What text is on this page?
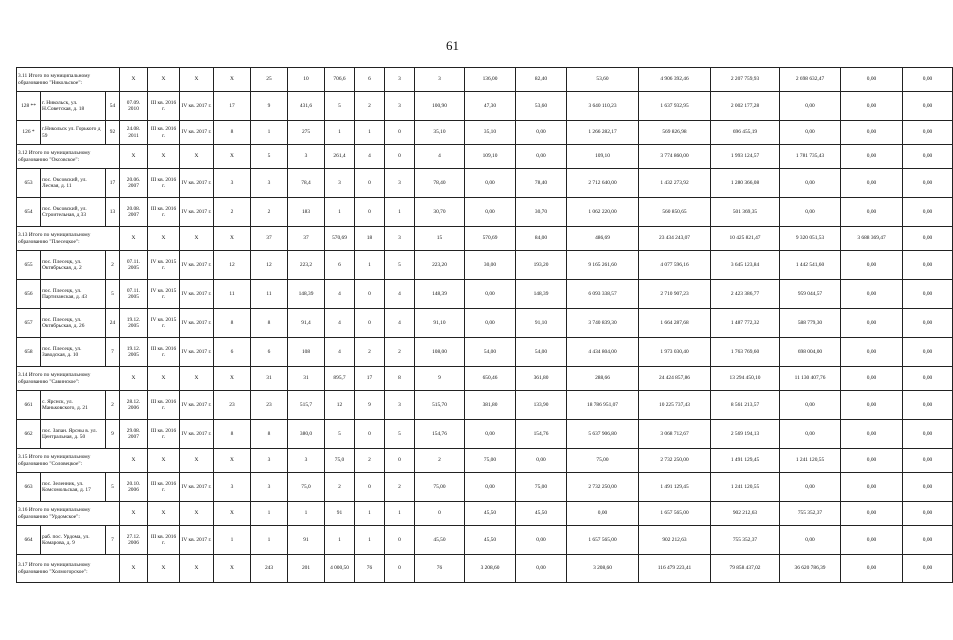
61
3.11 Итого по муниципальному образованию "Никольское":			X	X	X	X	25	10	706,6	6	3	3	136,00	82,40	53,60	4 906 392,46	2 207 759,93	2 698 632,47	0,00	0,00	
128 **	г. Никольск, ул. Н.Советская, д. 18	54	07.09. 2010	III кв. 2016 г.	IV кв. 2017 г.	17	9	431,6	5	2	3	100,90	47,30	53,60	3 640 110,23	1 637 932,95	2 002 177,28	0,00	0,00	0,00	
126 *	г.Никольск ул. Горького д 59	92	24.08. 2011	III кв. 2016 г.	IV кв. 2017 г.	8	1	275	1	1	0	35,10	35,10	0,00	1 266 282,17	569 826,98	696 455,19	0,00	0,00	0,00	
3.12 Итого по муниципальному образованию "Оксовское":			X	X	X	X	5	3	261,4	4	0	4	109,10	0,00	109,10	3 774 860,00	1 993 124,57	1 781 735,43	0,00	0,00	
653	пос. Оксовский, ул. Лесная, д. 11	17	20.06. 2007	III кв. 2016 г.	IV кв. 2017 г.	3	3	78,4	3	0	3	78,40	0,00	78,40	2 712 640,00	1 432 273,92	1 280 366,08	0,00	0,00	0,00	
654	пос. Оксовский, ул. Строительная, д 33	13	20.08. 2007	III кв. 2016 г.	IV кв. 2017 г.	2	2	183	1	0	1	30,70	0,00	30,70	1 062 220,00	560 850,65	501 369,35	0,00	0,00	0,00	
3.13 Итого по муниципальному образованию "Плесецкое":			X	X	X	X	37	37	570,69	18	3	15	570,69	84,00	486,69	23 434 243,07	10 425 821,47	9 320 051,53	3 688 369,47	0,00	
655	пос. Плесецк, ул. Октябрьская, д. 2	2	07.11. 2005	IV кв. 2015 г.	IV кв. 2017 г.	12	12	223,2	6	1	5	223,20	30,00	193,20	9 165 261,60	4 077 596,16	3 645 123,84	1 442 541,60	0,00	0,00	
656	пос. Плесецк, ул. Партизанская, д. 43	5	07.11. 2005	IV кв. 2015 г.	IV кв. 2017 г.	11	11	148,39	4	0	4	148,39	0,00	148,39	6 093 338,57	2 710 907,23	2 423 386,77	959 044,57	0,00	0,00	
657	пос. Плесецк, ул. Октябрьская, д. 26	24	19.12. 2005	IV кв. 2015 г.	IV кв. 2017 г.	8	8	91,4	4	0	4	91,10	0,00	91,10	3 740 839,30	1 664 287,68	1 487 772,32	588 779,30	0,00	0,00	
658	пос. Плесецк, ул. Заводская, д. 10	7	19.12. 2005	III кв. 2016 г.	IV кв. 2017 г.	6	6	108	4	2	2	108,00	54,00	54,00	4 434 804,00	1 973 030,40	1 763 769,60	698 004,00	0,00	0,00	
3.14 Итого по муниципальному образованию "Савинское":			X	X	X	X	31	31	895,7	17	8	9	650,46	361,80	288,66	24 424 857,86	13 294 450,10	11 130 407,76	0,00	0,00	
661	с. Ярснск, ул. Маньковского, д. 21	2	28.12. 2006	III кв. 2016 г.	IV кв. 2017 г.	23	23	515,7	12	9	3	515,70	381,80	133,90	18 786 951,07	10 225 737,43	8 561 213,57	0,00	0,00	0,00	
662	пос. Запан. Ярсны в. ул. Центральная, д. 50	9	29.08. 2007	III кв. 2016 г.	IV кв. 2017 г.	8	8	380,0	5	0	5	154,76	0,00	154,76	5 637 906,80	3 068 712,67	2 569 194,13	0,00	0,00	0,00	
3.15 Итого по муниципальному образованию "Соловецкое":			X	X	X	X	3	3	75,0	2	0	2	75,00	0,00	75,00	2 732 250,00	1 491 129,45	1 241 120,55	0,00	0,00	
663	пос. Зеленник, ул. Комсомольская, д. 17	5	20.10. 2006	III кв. 2016 г.	IV кв. 2017 г.	3	3	75,0	2	0	2	75,00	0,00	75,00	2 732 250,00	1 491 129,45	1 241 120,55	0,00	0,00	0,00	
3.16 Итого по муниципальному образованию "Урдомское":			X	X	X	X	1	1	91	1	1	0	45,50	45,50	0,00	1 657 565,00	902 212,63	755 352,37	0,00	0,00	
664	раб. пос. Урдома, ул. Комарова, д. 9	7	27.12. 2006	III кв. 2016 г.	IV кв. 2017 г.	1	1	91	1	1	0	45,50	45,50	0,00	1 657 565,00	902 212,63	755 352,37	0,00	0,00	0,00	
3.17 Итого по муниципальному образованию "Холмогорское":			X	X	X	X	243	201	4 000,50	76	0	76	3 208,60	0,00	3 208,60	116 479 223,41	79 858 437,02	36 620 786,39	0,00	0,00	
